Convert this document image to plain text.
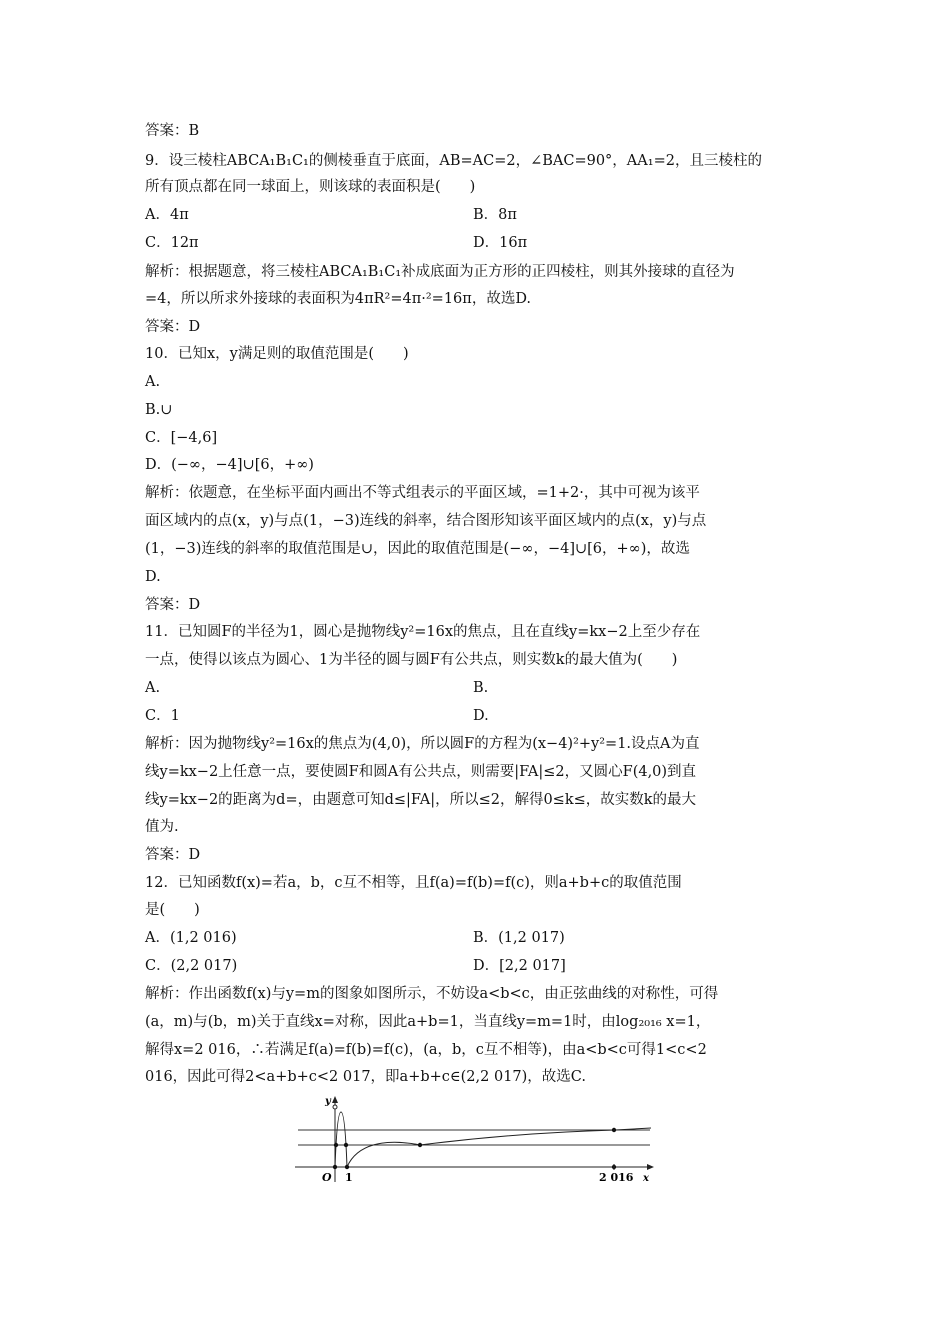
答案：B
9．设三棱柱ABCA₁B₁C₁的侧棱垂直于底面，AB=AC=2，∠BAC=90°，AA₁=2，且三棱柱的
所有顶点都在同一球面上，则该球的表面积是(　　)
A．4π	B．8π
C．12π	D．16π
解析：根据题意，将三棱柱ABCA₁B₁C₁补成底面为正方形的正四棱柱，则其外接球的直径为
=4，所以所求外接球的表面积为4πR²=4π·²=16π，故选D.
答案：D
10．已知x，y满足则的取值范围是(　　)
A.
B.∪
C．[−4,6]
D．(−∞，−4]∪[6，+∞)
解析：依题意，在坐标平面内画出不等式组表示的平面区域，=1+2·，其中可视为该平
面区域内的点(x，y)与点(1，−3)连线的斜率，结合图形知该平面区域内的点(x，y)与点
(1，−3)连线的斜率的取值范围是∪，因此的取值范围是(−∞，−4]∪[6，+∞)，故选
D.
答案：D
11．已知圆F的半径为1，圆心是抛物线y²=16x的焦点，且在直线y=kx−2上至少存在
一点，使得以该点为圆心、1为半径的圆与圆F有公共点，则实数k的最大值为(　　)
A.	B.
C．1	D.
解析：因为抛物线y²=16x的焦点为(4,0)，所以圆F的方程为(x−4)²+y²=1.设点A为直
线y=kx−2上任意一点，要使圆F和圆A有公共点，则需要|FA|≤2，又圆心F(4,0)到直
线y=kx−2的距离为d=，由题意可知d≤|FA|，所以≤2，解得0≤k≤，故实数k的最大
值为.
答案：D
12．已知函数f(x)=若a，b，c互不相等，且f(a)=f(b)=f(c)，则a+b+c的取值范围
是(　　)
A．(1,2 016)	B．(1,2 017)
C．(2,2 017)	D．[2,2 017]
解析：作出函数f(x)与y=m的图象如图所示，不妨设a<b<c，由正弦曲线的对称性，可得
(a，m)与(b，m)关于直线x=对称，因此a+b=1，当直线y=m=1时，由log₂₀₁₆ x=1，
解得x=2 016，∴若满足f(a)=f(b)=f(c)，(a，b，c互不相等)，由a<b<c可得1<c<2
016，因此可得2<a+b+c<2 017，即a+b+c∈(2,2 017)，故选C.
y
x
O 1	2 016
